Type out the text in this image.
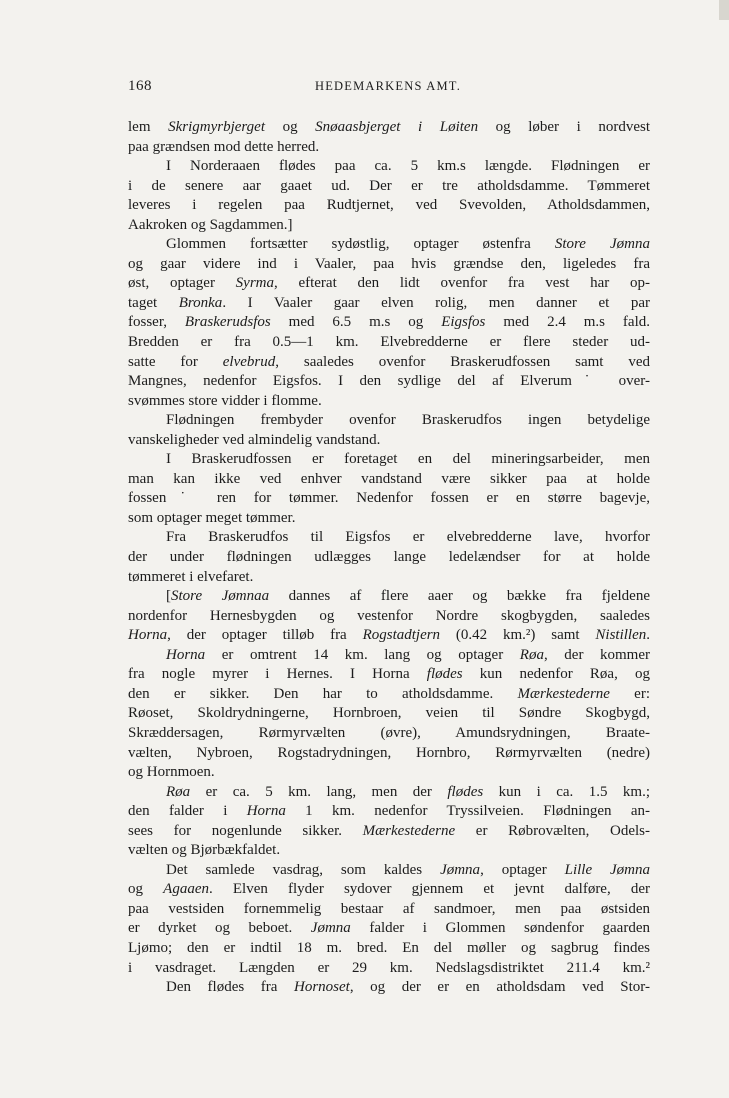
168	HEDEMARKENS AMT.
lem Skrigmyrbjerget og Snøaasbjerget i Løiten og løber i nordvest
paa grændsen mod dette herred.
I Norderaaen flødes paa ca. 5 km.s længde. Flødningen er
i de senere aar gaaet ud. Der er tre atholdsdamme. Tømmeret
leveres i regelen paa Rudtjernet, ved Svevolden, Atholdsdammen,
Aakroken og Sagdammen.]
Glommen fortsætter sydøstlig, optager østenfra Store Jømna
og gaar videre ind i Vaaler, paa hvis grændse den, ligeledes fra
øst, optager Syrma, efterat den lidt ovenfor fra vest har op-
taget Bronka. I Vaaler gaar elven rolig, men danner et par
fosser, Braskerudsfos med 6.5 m.s og Eigsfos med 2.4 m.s fald.
Bredden er fra 0.5—1 km. Elvebredderne er flere steder ud-
satte for elvebrud, saaledes ovenfor Braskerudfossen samt ved
Mangnes, nedenfor Eigsfos. I den sydlige del af Elverum˙ over-
svømmes store vidder i flomme.
Flødningen frembyder ovenfor Braskerudfos ingen betydelige
vanskeligheder ved almindelig vandstand.
I Braskerudfossen er foretaget en del mineringsarbeider, men
man kan ikke ved enhver vandstand være sikker paa at holde
fossen˙ ren for tømmer. Nedenfor fossen er en større bagevje,
som optager meget tømmer.
Fra Braskerudfos til Eigsfos er elvebredderne lave, hvorfor
der under flødningen udlægges lange ledelændser for at holde
tømmeret i elvefaret.
[Store Jømnaa dannes af flere aaer og bække fra fjeldene
nordenfor Hernesbygden og vestenfor Nordre skogbygden, saaledes
Horna, der optager tilløb fra Rogstadtjern (0.42 km.²) samt Nistillen.
Horna er omtrent 14 km. lang og optager Røa, der kommer
fra nogle myrer i Hernes. I Horna flødes kun nedenfor Røa, og
den er sikker. Den har to atholdsdamme. Mærkestederne er:
Røoset, Skoldrydningerne, Hornbroen, veien til Søndre Skogbygd,
Skræddersagen, Rørmyrvælten (øvre), Amundsrydningen, Braate-
vælten, Nybroen, Rogstadrydningen, Hornbro, Rørmyrvælten (nedre)
og Hornmoen.
Røa er ca. 5 km. lang, men der flødes kun i ca. 1.5 km.;
den falder i Horna 1 km. nedenfor Tryssilveien. Flødningen an-
sees for nogenlunde sikker. Mærkestederne er Røbrovælten, Odels-
vælten og Bjørbækfaldet.
Det samlede vasdrag, som kaldes Jømna, optager Lille Jømna
og Agaaen. Elven flyder sydover gjennem et jevnt dalføre, der
paa vestsiden fornemmelig bestaar af sandmoer, men paa østsiden
er dyrket og beboet. Jømna falder i Glommen søndenfor gaarden
Ljømo; den er indtil 18 m. bred. En del møller og sagbrug findes
i vasdraget. Længden er 29 km. Nedslagsdistriktet 211.4 km.²
Den flødes fra Hornoset, og der er en atholdsdam ved Stor-
